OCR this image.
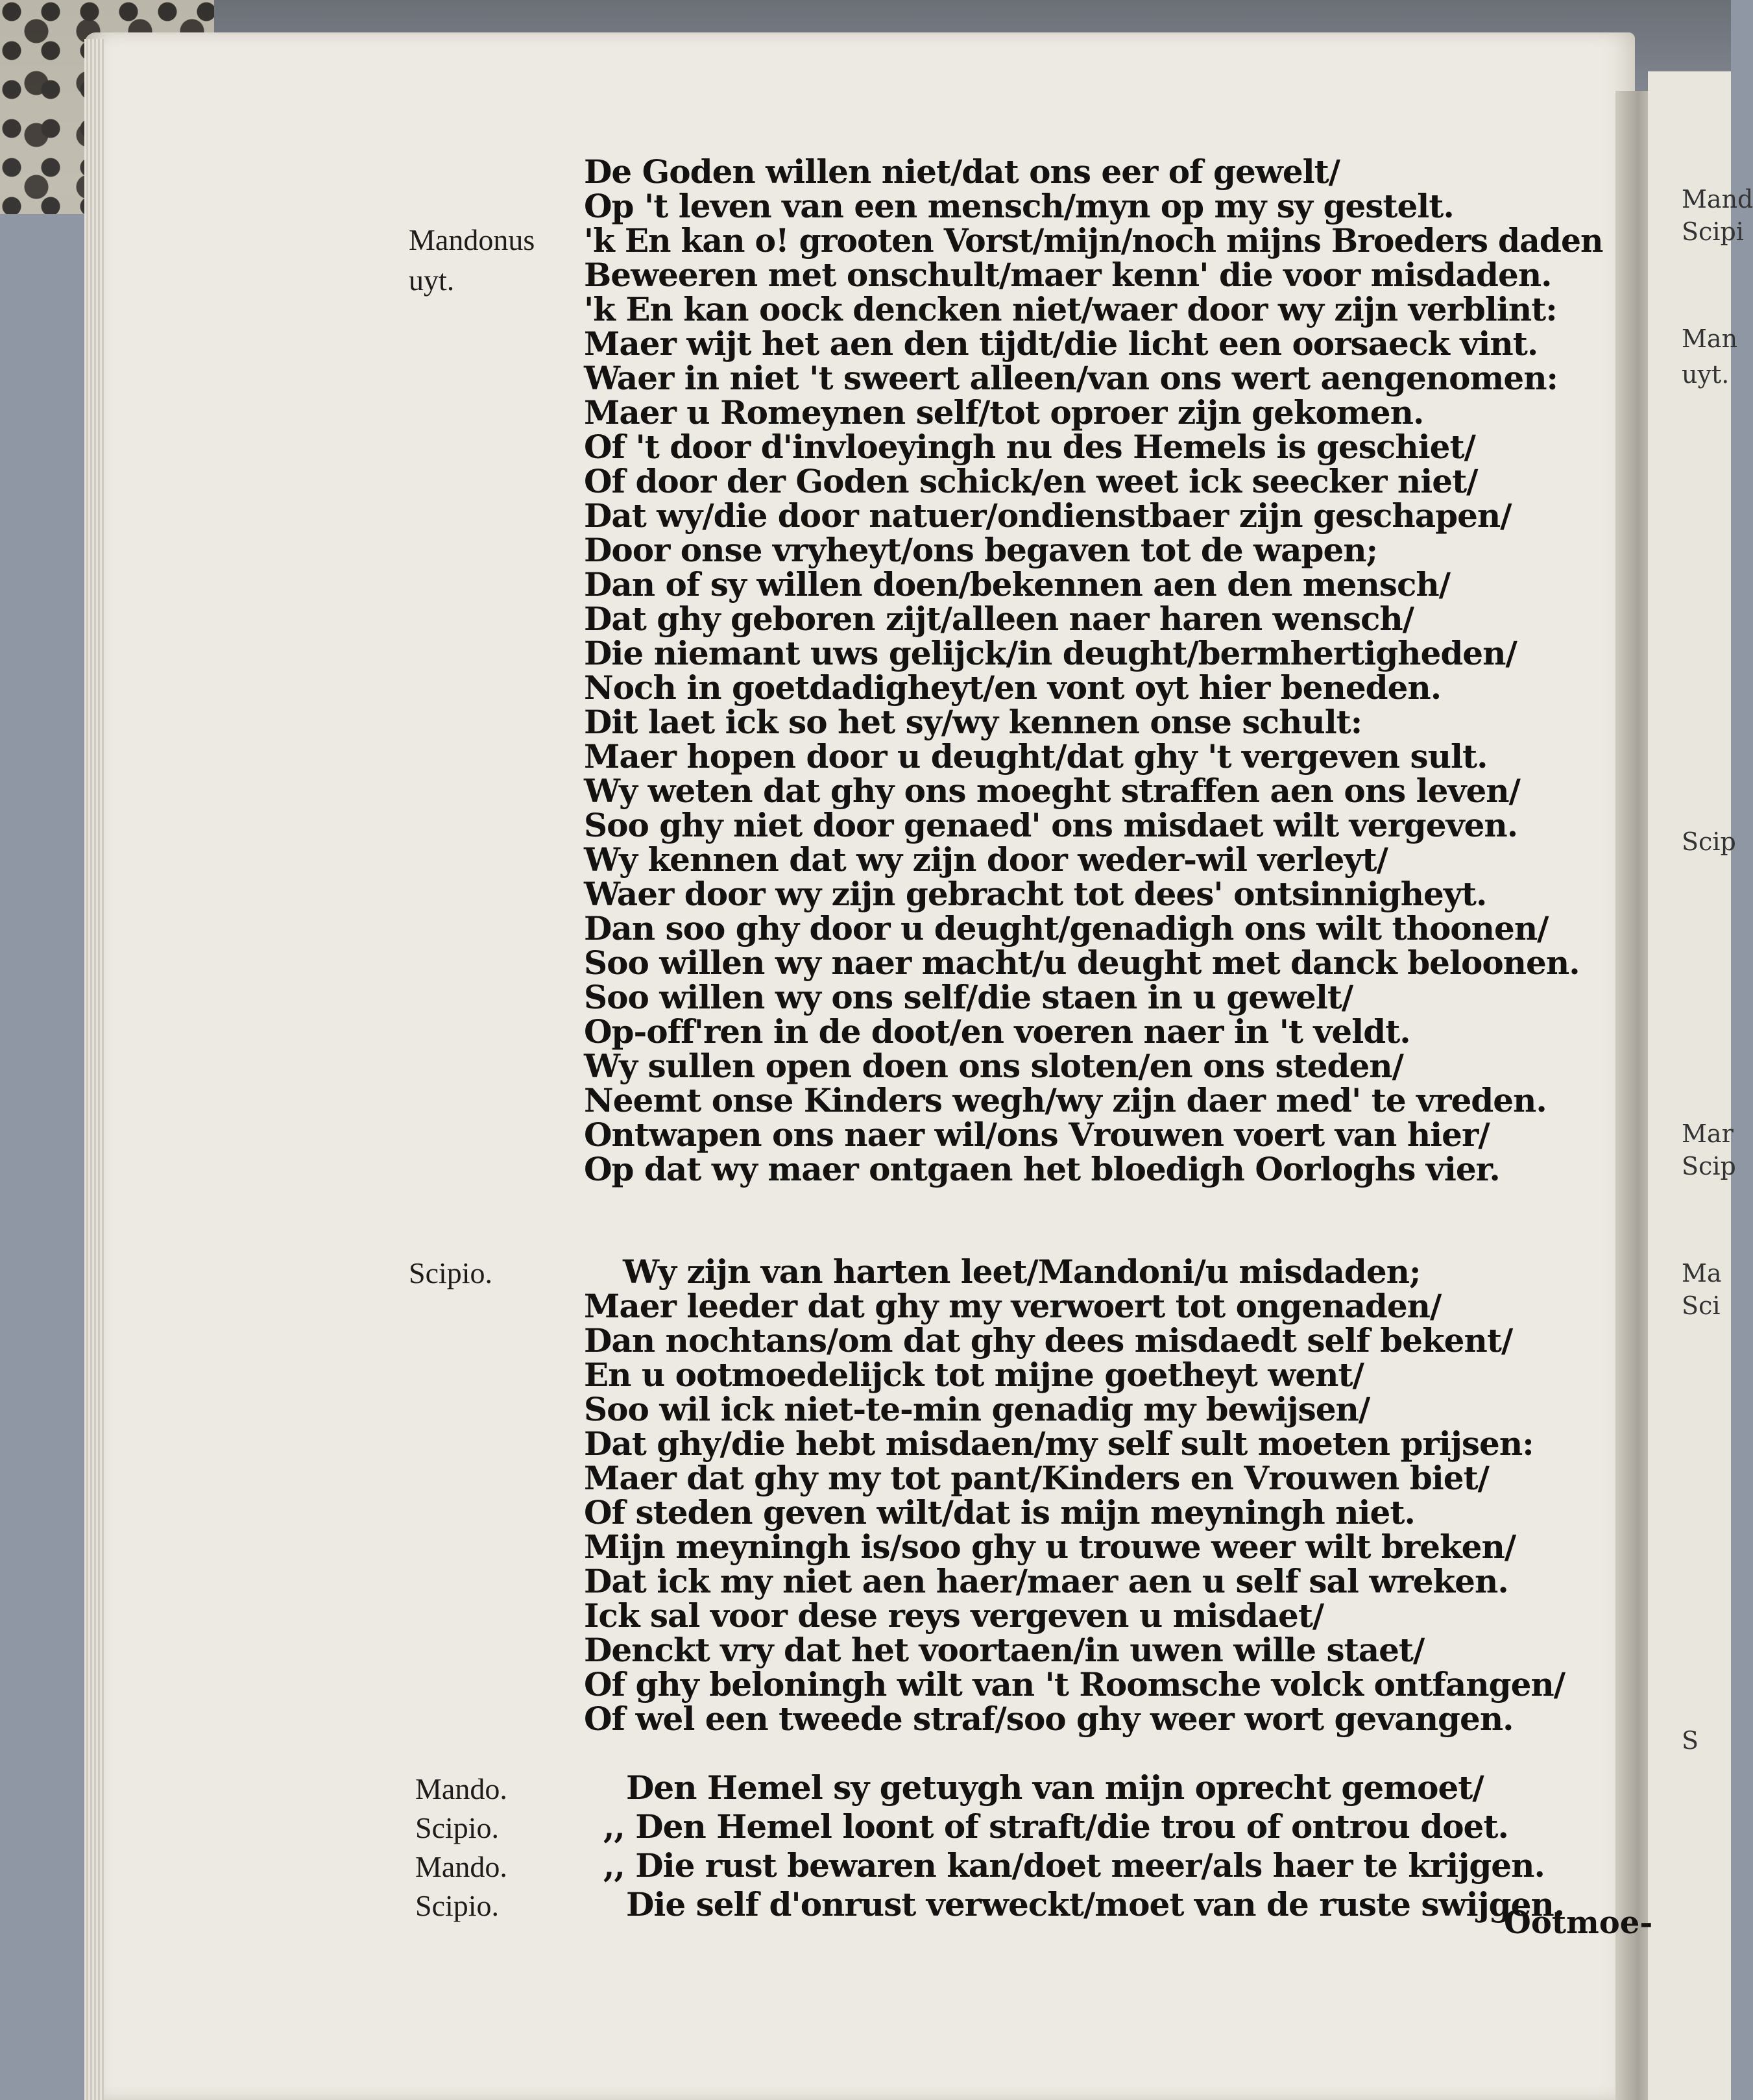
Mand
Scipi
Man
uyt.
Scip
Mar
Scip
Ma
Sci
S
Mandonus
uyt.
Scipio.
Mando.
Scipio.
Mando.
Scipio.
De Goden willen niet/dat ons eer of gewelt/
Op 't leven van een mensch/myn op my sy gestelt.
'k En kan o! grooten Vorst/mijn/noch mijns Broeders daden
Beweeren met onschult/maer kenn' die voor misdaden.
'k En kan oock dencken niet/waer door wy zijn verblint:
Maer wijt het aen den tijdt/die licht een oorsaeck vint.
Waer in niet 't sweert alleen/van ons wert aengenomen:
Maer u Romeynen self/tot oproer zijn gekomen.
Of 't door d'invloeyingh nu des Hemels is geschiet/
Of door der Goden schick/en weet ick seecker niet/
Dat wy/die door natuer/ondienstbaer zijn geschapen/
Door onse vryheyt/ons begaven tot de wapen;
Dan of sy willen doen/bekennen aen den mensch/
Dat ghy geboren zijt/alleen naer haren wensch/
Die niemant uws gelijck/in deught/bermhertigheden/
Noch in goetdadigheyt/en vont oyt hier beneden.
Dit laet ick so het sy/wy kennen onse schult:
Maer hopen door u deught/dat ghy 't vergeven sult.
Wy weten dat ghy ons moeght straffen aen ons leven/
Soo ghy niet door genaed' ons misdaet wilt vergeven.
Wy kennen dat wy zijn door weder-wil verleyt/
Waer door wy zijn gebracht tot dees' ontsinnigheyt.
Dan soo ghy door u deught/genadigh ons wilt thoonen/
Soo willen wy naer macht/u deught met danck beloonen.
Soo willen wy ons self/die staen in u gewelt/
Op-off'ren in de doot/en voeren naer in 't veldt.
Wy sullen open doen ons sloten/en ons steden/
Neemt onse Kinders wegh/wy zijn daer med' te vreden.
Ontwapen ons naer wil/ons Vrouwen voert van hier/
Op dat wy maer ontgaen het bloedigh Oorloghs vier.
Wy zijn van harten leet/Mandoni/u misdaden;
Maer leeder dat ghy my verwoert tot ongenaden/
Dan nochtans/om dat ghy dees misdaedt self bekent/
En u ootmoedelijck tot mijne goetheyt went/
Soo wil ick niet-te-min genadig my bewijsen/
Dat ghy/die hebt misdaen/my self sult moeten prijsen:
Maer dat ghy my tot pant/Kinders en Vrouwen biet/
Of steden geven wilt/dat is mijn meyningh niet.
Mijn meyningh is/soo ghy u trouwe weer wilt breken/
Dat ick my niet aen haer/maer aen u self sal wreken.
Ick sal voor dese reys vergeven u misdaet/
Denckt vry dat het voortaen/in uwen wille staet/
Of ghy beloningh wilt van 't Roomsche volck ontfangen/
Of wel een tweede straf/soo ghy weer wort gevangen.
Den Hemel sy getuygh van mijn oprecht gemoet/
,, Den Hemel loont of straft/die trou of ontrou doet.
,, Die rust bewaren kan/doet meer/als haer te krijgen.
Die self d'onrust verweckt/moet van de ruste swijgen.
Ootmoe-
